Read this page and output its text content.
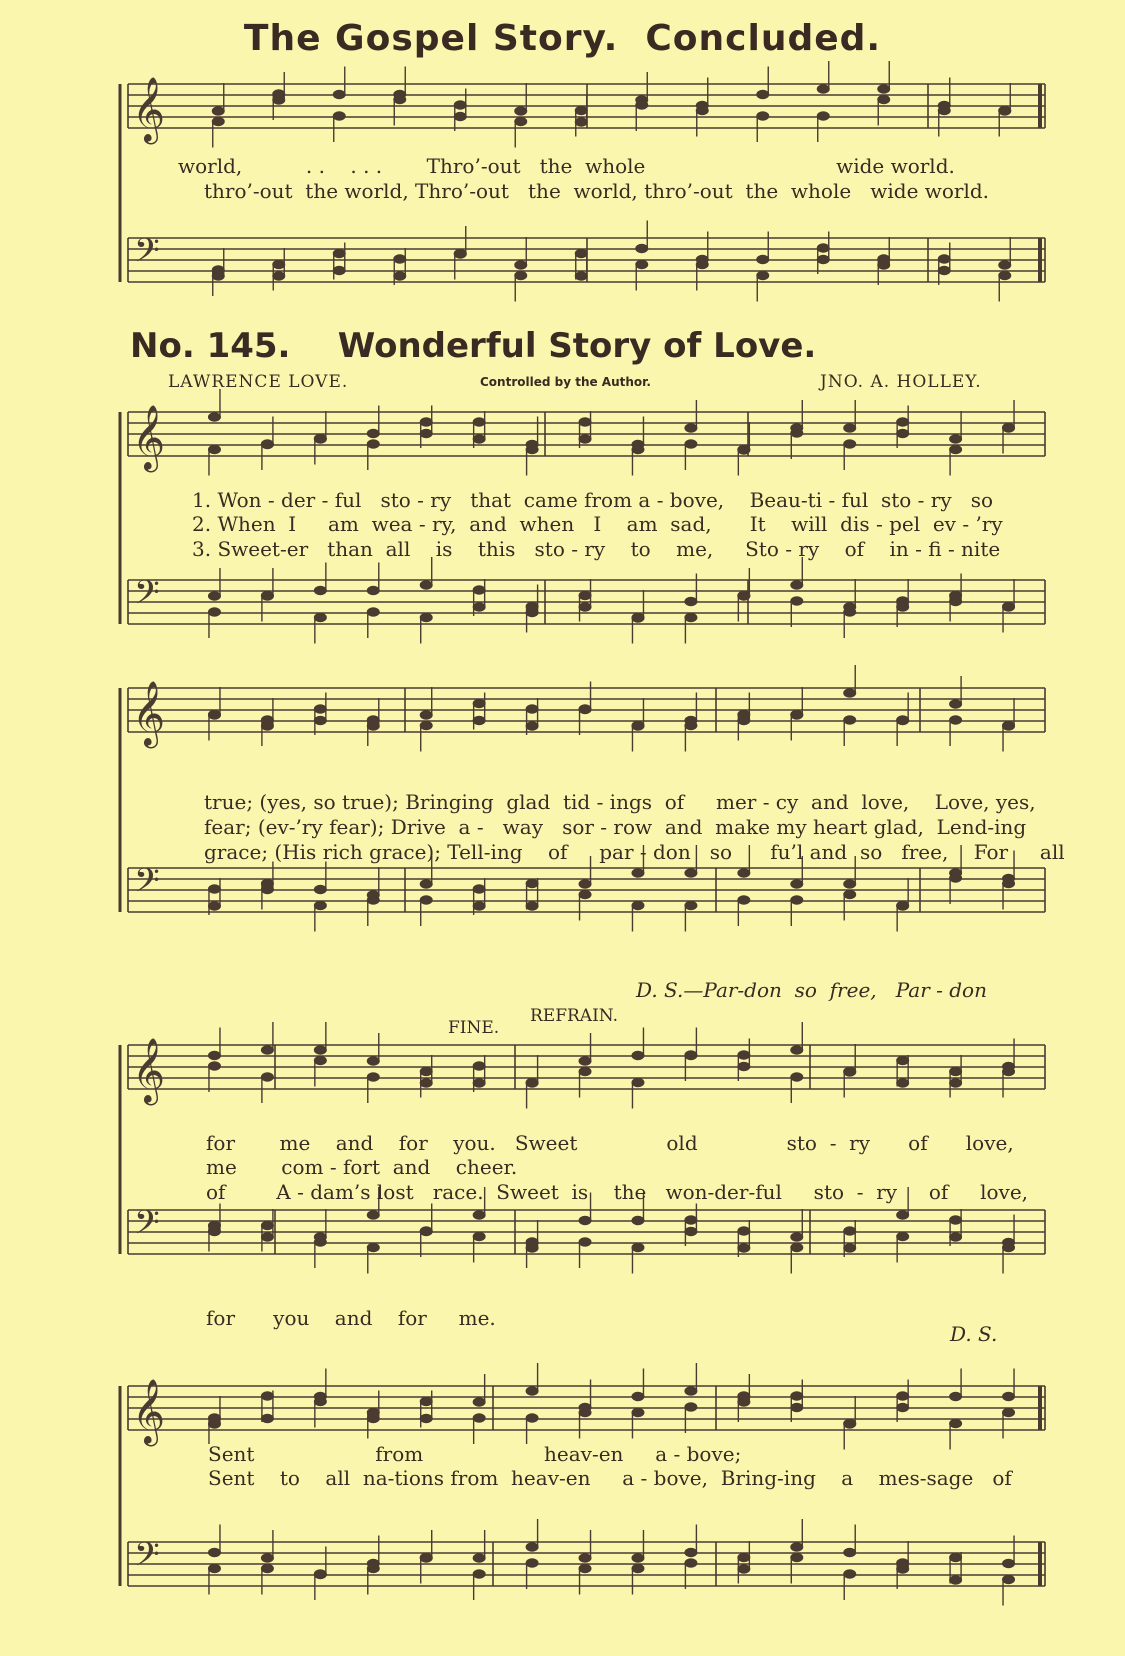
𝄞
𝄢
𝄞
𝄢
𝄞
𝄢
𝄞
𝄢
𝄞
𝄢
The Gospel Story.  Concluded.
world,          . .    . . .       Thro’-out   the  whole                              wide world.
thro’-out  the world, Thro’-out   the  world, thro’-out  the  whole   wide world.
No. 145.    Wonderful Story of Love.
LAWRENCE LOVE.	Controlled by the Author.	JNO. A. HOLLEY.
1. Won - der - ful   sto - ry   that  came from a - bove,    Beau-ti - ful  sto - ry   so
2. When  I     am  wea - ry,  and  when   I    am  sad,      It    will  dis - pel  ev - ’ry
3. Sweet-er   than  all    is    this   sto - ry    to    me,     Sto - ry    of    in - fi - nite
true; (yes, so true); Bringing  glad  tid - ings  of     mer - cy  and  love,    Love, yes,
fear; (ev-’ry fear); Drive  a -   way   sor - row  and  make my heart glad,  Lend-ing
grace; (His rich grace); Tell-ing    of     par - don   so      fu’l and  so   free,    For     all
D. S.—Par-don  so  free,   Par - don
FINE.
REFRAIN.
for       me    and    for    you.   Sweet              old              sto  -  ry      of      love,
me       com - fort  and    cheer.
of        A - dam’s lost   race.  Sweet  is    the   won-der-ful     sto  -  ry     of     love,
for      you    and    for     me.
D. S.
Sent                   from                   heav-en     a - bove;
Sent    to    all  na-tions from  heav-en     a - bove,  Bring-ing    a    mes-sage   of
